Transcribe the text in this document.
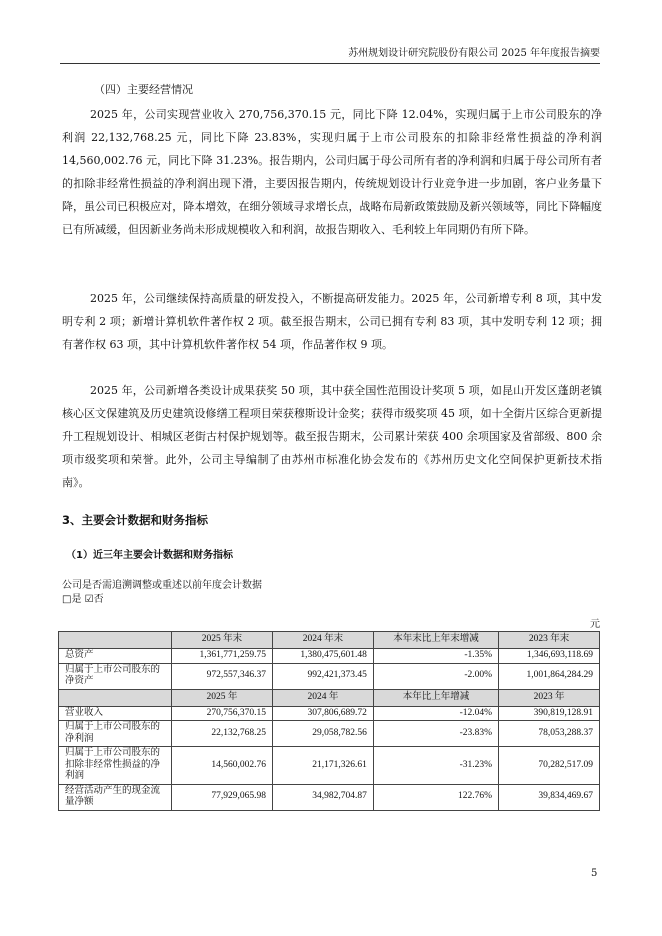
苏州规划设计研究院股份有限公司 2025 年年度报告摘要
（四）主要经营情况

2025 年，公司实现营业收入 270,756,370.15 元，同比下降 12.04%，实现归属于上市公司股东的净利润 22,132,768.25 元，同比下降 23.83%，实现归属于上市公司股东的扣除非经常性损益的净利润 14,560,002.76 元，同比下降 31.23%。报告期内，公司归属于母公司所有者的净利润和归属于母公司所有者的扣除非经常性损益的净利润出现下滑，主要因报告期内，传统规划设计行业竞争进一步加剧，客户业务量下降，虽公司已积极应对，降本增效，在细分领域寻求增长点，战略布局新政策鼓励及新兴领域等，同比下降幅度已有所减缓，但因新业务尚未形成规模收入和利润，故报告期收入、毛利较上年同期仍有所下降。

2025 年，公司继续保持高质量的研发投入，不断提高研发能力。2025 年，公司新增专利 8 项，其中发明专利 2 项；新增计算机软件著作权 2 项。截至报告期末，公司已拥有专利 83 项，其中发明专利 12 项；拥有著作权 63 项，其中计算机软件著作权 54 项，作品著作权 9 项。

2025 年，公司新增各类设计成果获奖 50 项，其中获全国性范围设计奖项 5 项，如昆山开发区蓬朗老镇核心区文保建筑及历史建筑设修缮工程项目荣获穆斯设计金奖；获得市级奖项 45 项，如十全街片区综合更新提升工程规划设计、相城区老街古村保护规划等。截至报告期末，公司累计荣获 400 余项国家及省部级、800 余项市级奖项和荣誉。此外，公司主导编制了由苏州市标准化协会发布的《苏州历史文化空间保护更新技术指南》。

3、主要会计数据和财务指标
（1）近三年主要会计数据和财务指标
公司是否需追溯调整或重述以前年度会计数据
□是 ☑否
元
	2025 年末	2024 年末	本年末比上年末增减	2023 年末
总资产	1,361,771,259.75	1,380,475,601.48	-1.35%	1,346,693,118.69
归属于上市公司股东的净资产	972,557,346.37	992,421,373.45	-2.00%	1,001,864,284.29
	2025 年	2024 年	本年比上年增减	2023 年
营业收入	270,756,370.15	307,806,689.72	-12.04%	390,819,128.91
归属于上市公司股东的净利润	22,132,768.25	29,058,782.56	-23.83%	78,053,288.37
归属于上市公司股东的扣除非经常性损益的净利润	14,560,002.76	21,171,326.61	-31.23%	70,282,517.09
经营活动产生的现金流量净额	77,929,065.98	34,982,704.87	122.76%	39,834,469.67
5
